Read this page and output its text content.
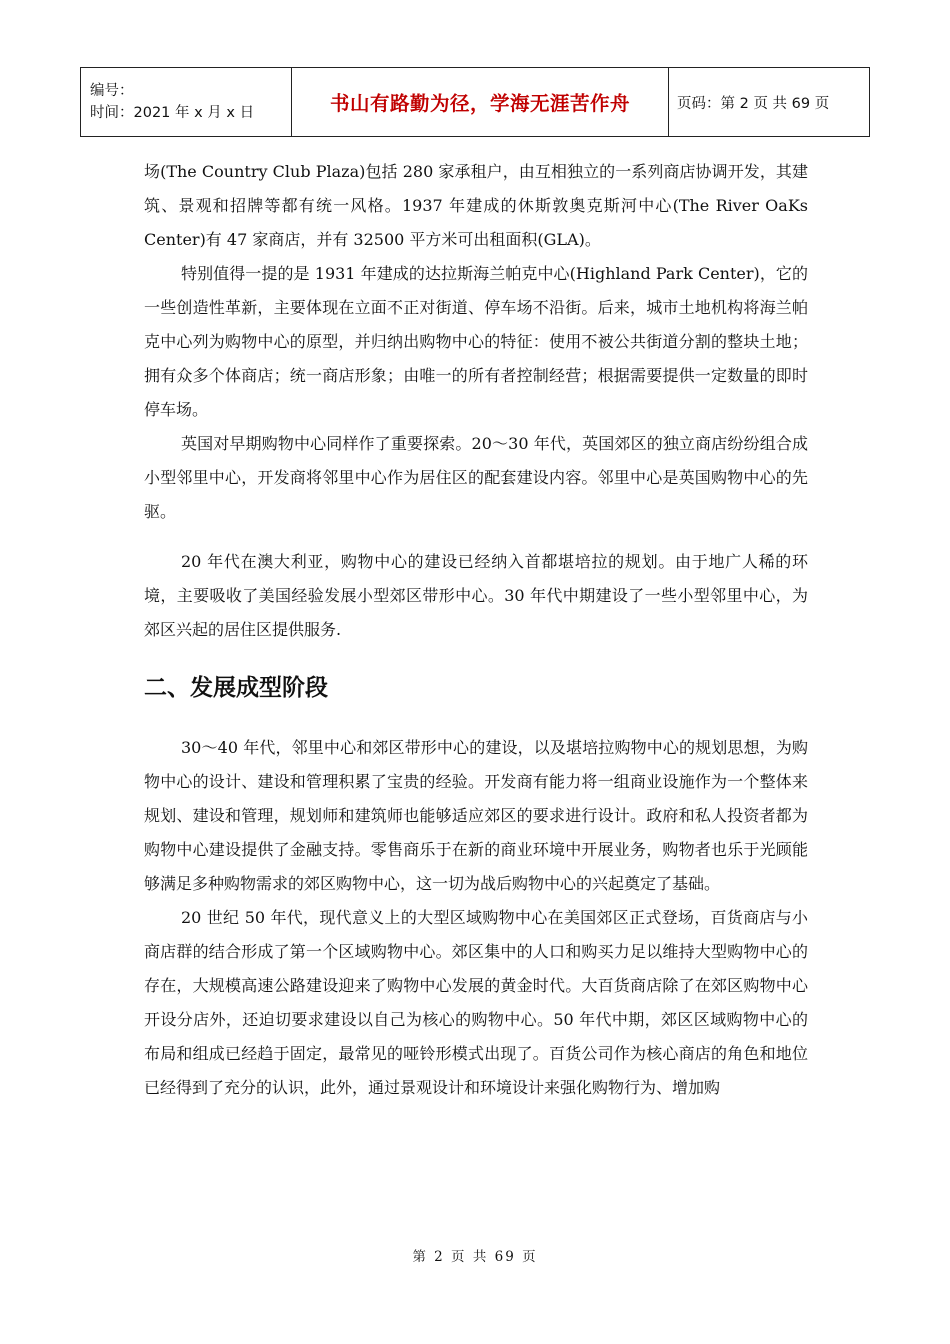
编号：
时间：2021 年 x 月 x 日	书山有路勤为径，学海无涯苦作舟	页码：第 2 页 共 69 页

场(The Country Club Plaza)包括 280 家承租户，由互相独立的一系列商店协调开发，其建筑、景观和招牌等都有统一风格。1937 年建成的休斯敦奥克斯河中心(The River OaKs Center)有 47 家商店，并有 32500 平方米可出租面积(GLA)。

特别值得一提的是 1931 年建成的达拉斯海兰帕克中心(Highland Park Center)，它的一些创造性革新，主要体现在立面不正对街道、停车场不沿街。后来，城市土地机构将海兰帕克中心列为购物中心的原型，并归纳出购物中心的特征：使用不被公共街道分割的整块土地；拥有众多个体商店；统一商店形象；由唯一的所有者控制经营；根据需要提供一定数量的即时停车场。

英国对早期购物中心同样作了重要探索。20～30 年代，英国郊区的独立商店纷纷组合成小型邻里中心，开发商将邻里中心作为居住区的配套建设内容。邻里中心是英国购物中心的先驱。

20 年代在澳大利亚，购物中心的建设已经纳入首都堪培拉的规划。由于地广人稀的环境，主要吸收了美国经验发展小型郊区带形中心。30 年代中期建设了一些小型邻里中心，为郊区兴起的居住区提供服务.

二、发展成型阶段

30～40 年代，邻里中心和郊区带形中心的建设，以及堪培拉购物中心的规划思想，为购物中心的设计、建设和管理积累了宝贵的经验。开发商有能力将一组商业设施作为一个整体来规划、建设和管理，规划师和建筑师也能够适应郊区的要求进行设计。政府和私人投资者都为购物中心建设提供了金融支持。零售商乐于在新的商业环境中开展业务，购物者也乐于光顾能够满足多种购物需求的郊区购物中心，这一切为战后购物中心的兴起奠定了基础。

20 世纪 50 年代，现代意义上的大型区域购物中心在美国郊区正式登场，百货商店与小商店群的结合形成了第一个区域购物中心。郊区集中的人口和购买力足以维持大型购物中心的存在，大规模高速公路建设迎来了购物中心发展的黄金时代。大百货商店除了在郊区购物中心开设分店外，还迫切要求建设以自己为核心的购物中心。50 年代中期，郊区区域购物中心的布局和组成已经趋于固定，最常见的哑铃形模式出现了。百货公司作为核心商店的角色和地位已经得到了充分的认识，此外，通过景观设计和环境设计来强化购物行为、增加购

第 2 页 共 69 页
